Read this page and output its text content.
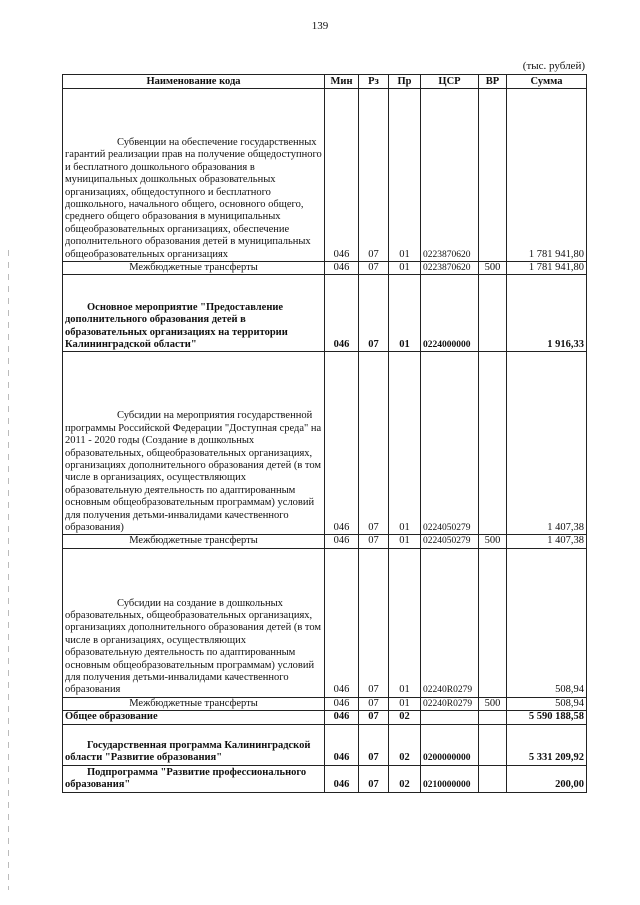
139
(тыс. рублей)
Наименование кода	Мин	Рз	Пр	ЦСР	ВР	Сумма
Субвенции на обеспечение государственных гарантий реализации прав на получение общедоступного и бесплатного дошкольного образования в муниципальных дошкольных образовательных организациях, общедоступного и бесплатного дошкольного, начального общего, основного общего, среднего общего образования в муниципальных общеобразовательных организациях, обеспечение дополнительного образования детей в муниципальных общеобразовательных организациях	046	07	01	0223870620		1 781 941,80
Межбюджетные трансферты	046	07	01	0223870620	500	1 781 941,80
Основное мероприятие "Предоставление дополнительного образования детей в образовательных организациях на территории Калининградской области"	046	07	01	0224000000		1 916,33
Субсидии на мероприятия государственной программы Российской Федерации "Доступная среда" на 2011 - 2020 годы (Создание в дошкольных образовательных, общеобразовательных организациях, организациях дополнительного образования детей (в том числе в организациях, осуществляющих образовательную деятельность по адаптированным основным общеобразовательным программам) условий для получения детьми-инвалидами качественного образования)	046	07	01	0224050279		1 407,38
Межбюджетные трансферты	046	07	01	0224050279	500	1 407,38
Субсидии на создание в дошкольных образовательных, общеобразовательных организациях, организациях дополнительного образования детей (в том числе в организациях, осуществляющих образовательную деятельность по адаптированным основным общеобразовательным программам) условий для получения детьми-инвалидами качественного образования	046	07	01	02240R0279		508,94
Межбюджетные трансферты	046	07	01	02240R0279	500	508,94
Общее образование	046	07	02			5 590 188,58
Государственная программа Калининградской области "Развитие образования"	046	07	02	0200000000		5 331 209,92
Подпрограмма "Развитие профессионального образования"	046	07	02	0210000000		200,00
